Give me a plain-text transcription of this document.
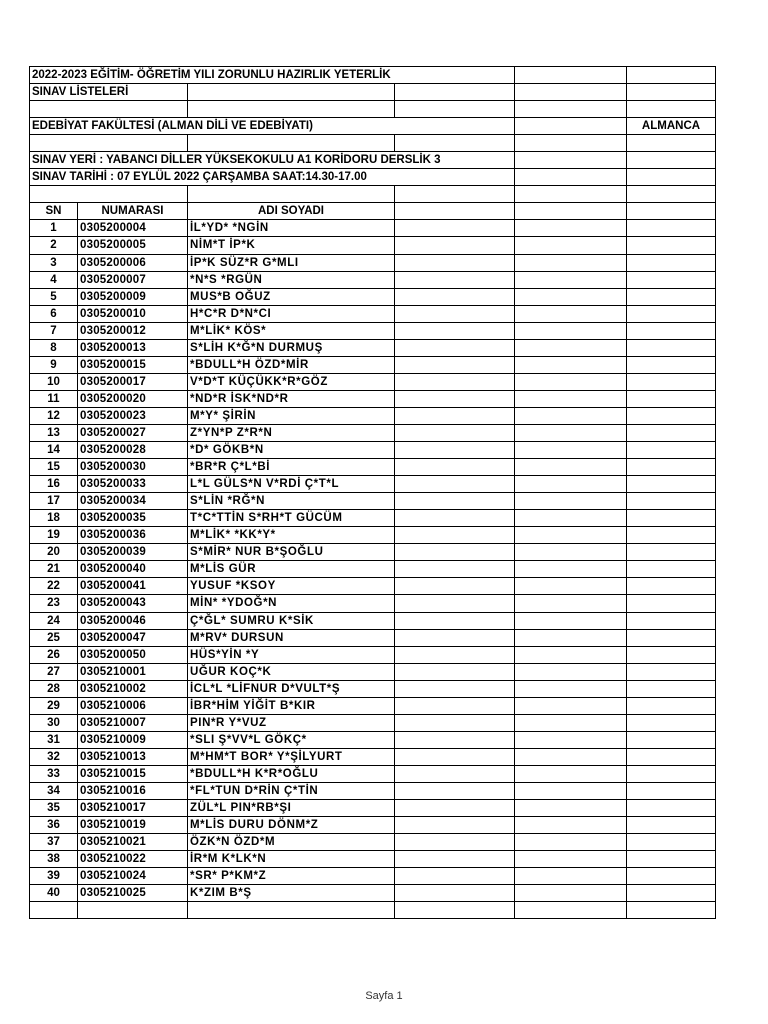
2022-2023 EĞİTİM- ÖĞRETİM YILI ZORUNLU HAZIRLIK YETERLİK					
SINAV LİSTELERİ					

EDEBİYAT FAKÜLTESİ (ALMAN DİLİ VE EDEBİYATI)					ALMANCA

SINAV YERİ : YABANCI DİLLER YÜKSEKOKULU A1 KORİDORU DERSLİK 3					
SINAV TARİHİ : 07 EYLÜL 2022 ÇARŞAMBA SAAT:14.30-17.00					

SN	NUMARASI	ADI SOYADI			
1	0305200004	İL*YD* *NGİN			
2	0305200005	NİM*T İP*K			
3	0305200006	İP*K SÜZ*R G*MLI			
4	0305200007	*N*S *RGÜN			
5	0305200009	MUS*B OĞUZ			
6	0305200010	H*C*R D*N*CI			
7	0305200012	M*LİK* KÖS*			
8	0305200013	S*LİH K*Ğ*N DURMUŞ			
9	0305200015	*BDULL*H ÖZD*MİR			
10	0305200017	V*D*T KÜÇÜKK*R*GÖZ			
11	0305200020	*ND*R İSK*ND*R			
12	0305200023	M*Y* ŞİRİN			
13	0305200027	Z*YN*P Z*R*N			
14	0305200028	*D* GÖKB*N			
15	0305200030	*BR*R Ç*L*Bİ			
16	0305200033	L*L GÜLS*N V*RDİ Ç*T*L			
17	0305200034	S*LİN *RĞ*N			
18	0305200035	T*C*TTİN S*RH*T GÜCÜM			
19	0305200036	M*LİK* *KK*Y*			
20	0305200039	S*MİR* NUR B*ŞOĞLU			
21	0305200040	M*LİS GÜR			
22	0305200041	YUSUF *KSOY			
23	0305200043	MİN* *YDOĞ*N			
24	0305200046	Ç*ĞL* SUMRU K*SİK			
25	0305200047	M*RV* DURSUN			
26	0305200050	HÜS*YİN *Y			
27	0305210001	UĞUR KOÇ*K			
28	0305210002	İCL*L *LİFNUR D*VULT*Ş			
29	0305210006	İBR*HİM YİĞİT B*KIR			
30	0305210007	PIN*R Y*VUZ			
31	0305210009	*SLI Ş*VV*L GÖKÇ*			
32	0305210013	M*HM*T BOR* Y*ŞİLYURT			
33	0305210015	*BDULL*H K*R*OĞLU			
34	0305210016	*FL*TUN D*RİN Ç*TİN			
35	0305210017	ZÜL*L PIN*RB*ŞI			
36	0305210019	M*LİS DURU DÖNM*Z			
37	0305210021	ÖZK*N ÖZD*M			
38	0305210022	İR*M K*LK*N			
39	0305210024	*SR* P*KM*Z			
40	0305210025	K*ZIM B*Ş			

Sayfa 1
